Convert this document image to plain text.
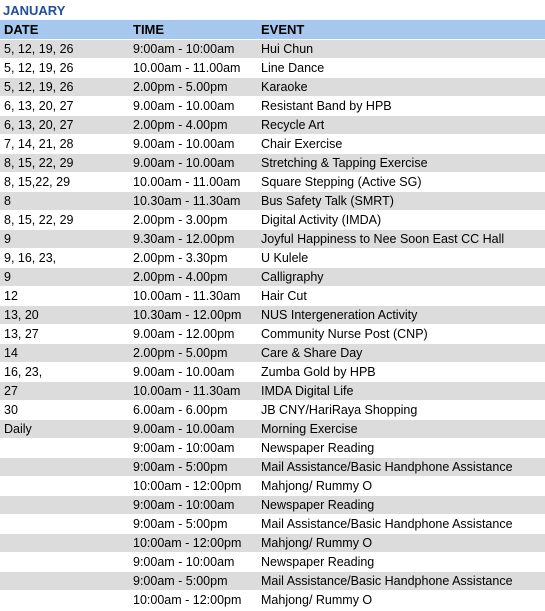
JANUARY
DATE	TIME	EVENT
5, 12, 19, 26	9:00am - 10:00am	Hui Chun
5, 12, 19, 26	10.00am - 11.00am	Line Dance
5, 12, 19, 26	2.00pm - 5.00pm	Karaoke
6, 13, 20, 27	9.00am - 10.00am	Resistant Band by HPB
6, 13, 20, 27	2.00pm - 4.00pm	Recycle Art
7, 14, 21, 28	9.00am - 10.00am	Chair Exercise
8, 15, 22, 29	9.00am - 10.00am	Stretching & Tapping Exercise
8, 15,22, 29	10.00am - 11.00am	Square Stepping (Active SG)
8	10.30am - 11.30am	Bus Safety Talk (SMRT)
8, 15, 22, 29	2.00pm - 3.00pm	Digital Activity (IMDA)
9	9.30am - 12.00pm	Joyful Happiness to Nee Soon East CC Hall
9, 16, 23,	2.00pm - 3.30pm	U Kulele
9	2.00pm - 4.00pm	Calligraphy
12	10.00am - 11.30am	Hair Cut
13, 20	10.30am - 12.00pm	NUS Intergeneration Activity
13, 27	9.00am - 12.00pm	Community Nurse Post (CNP)
14	2.00pm - 5.00pm	Care & Share Day
16, 23,	9.00am - 10.00am	Zumba Gold by HPB
27	10.00am - 11.30am	IMDA Digital Life
30	6.00am - 6.00pm	JB CNY/HariRaya Shopping
Daily	9.00am - 10.00am	Morning Exercise
	9:00am - 10:00am	Newspaper Reading
	9:00am - 5:00pm	Mail Assistance/Basic Handphone Assistance
	10:00am - 12:00pm	Mahjong/ Rummy O
	9:00am - 10:00am	Newspaper Reading
	9:00am - 5:00pm	Mail Assistance/Basic Handphone Assistance
	10:00am - 12:00pm	Mahjong/ Rummy O
	9:00am - 10:00am	Newspaper Reading
	9:00am - 5:00pm	Mail Assistance/Basic Handphone Assistance
	10:00am - 12:00pm	Mahjong/ Rummy O
